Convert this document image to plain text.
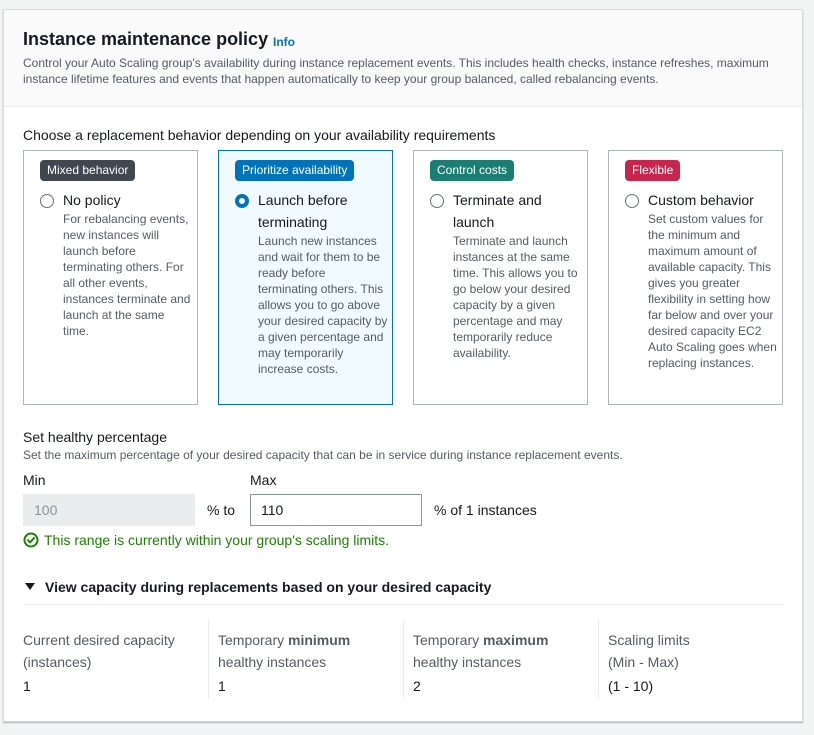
Instance maintenance policy Info
Control your Auto Scaling group's availability during instance replacement events. This includes health checks, instance refreshes, maximum instance lifetime features and events that happen automatically to keep your group balanced, called rebalancing events.
Choose a replacement behavior depending on your availability requirements
Mixed behavior
No policy
For rebalancing events, new instances will launch before terminating others. For all other events, instances terminate and launch at the same time.
Prioritize availability
Launch before terminating
Launch new instances and wait for them to be ready before terminating others. This allows you to go above your desired capacity by a given percentage and may temporarily increase costs.
Control costs
Terminate and launch
Terminate and launch instances at the same time. This allows you to go below your desired capacity by a given percentage and may temporarily reduce availability.
Flexible
Custom behavior
Set custom values for the minimum and maximum amount of available capacity. This gives you greater flexibility in setting how far below and over your desired capacity EC2 Auto Scaling goes when replacing instances.
Set healthy percentage
Set the maximum percentage of your desired capacity that can be in service during instance replacement events.
Min	Max
100
% to
110	% of 1 instances
This range is currently within your group's scaling limits.
View capacity during replacements based on your desired capacity
Current desired capacity (instances)
1
Temporary minimum healthy instances
1
Temporary maximum healthy instances
2
Scaling limits (Min - Max)
(1 - 10)
